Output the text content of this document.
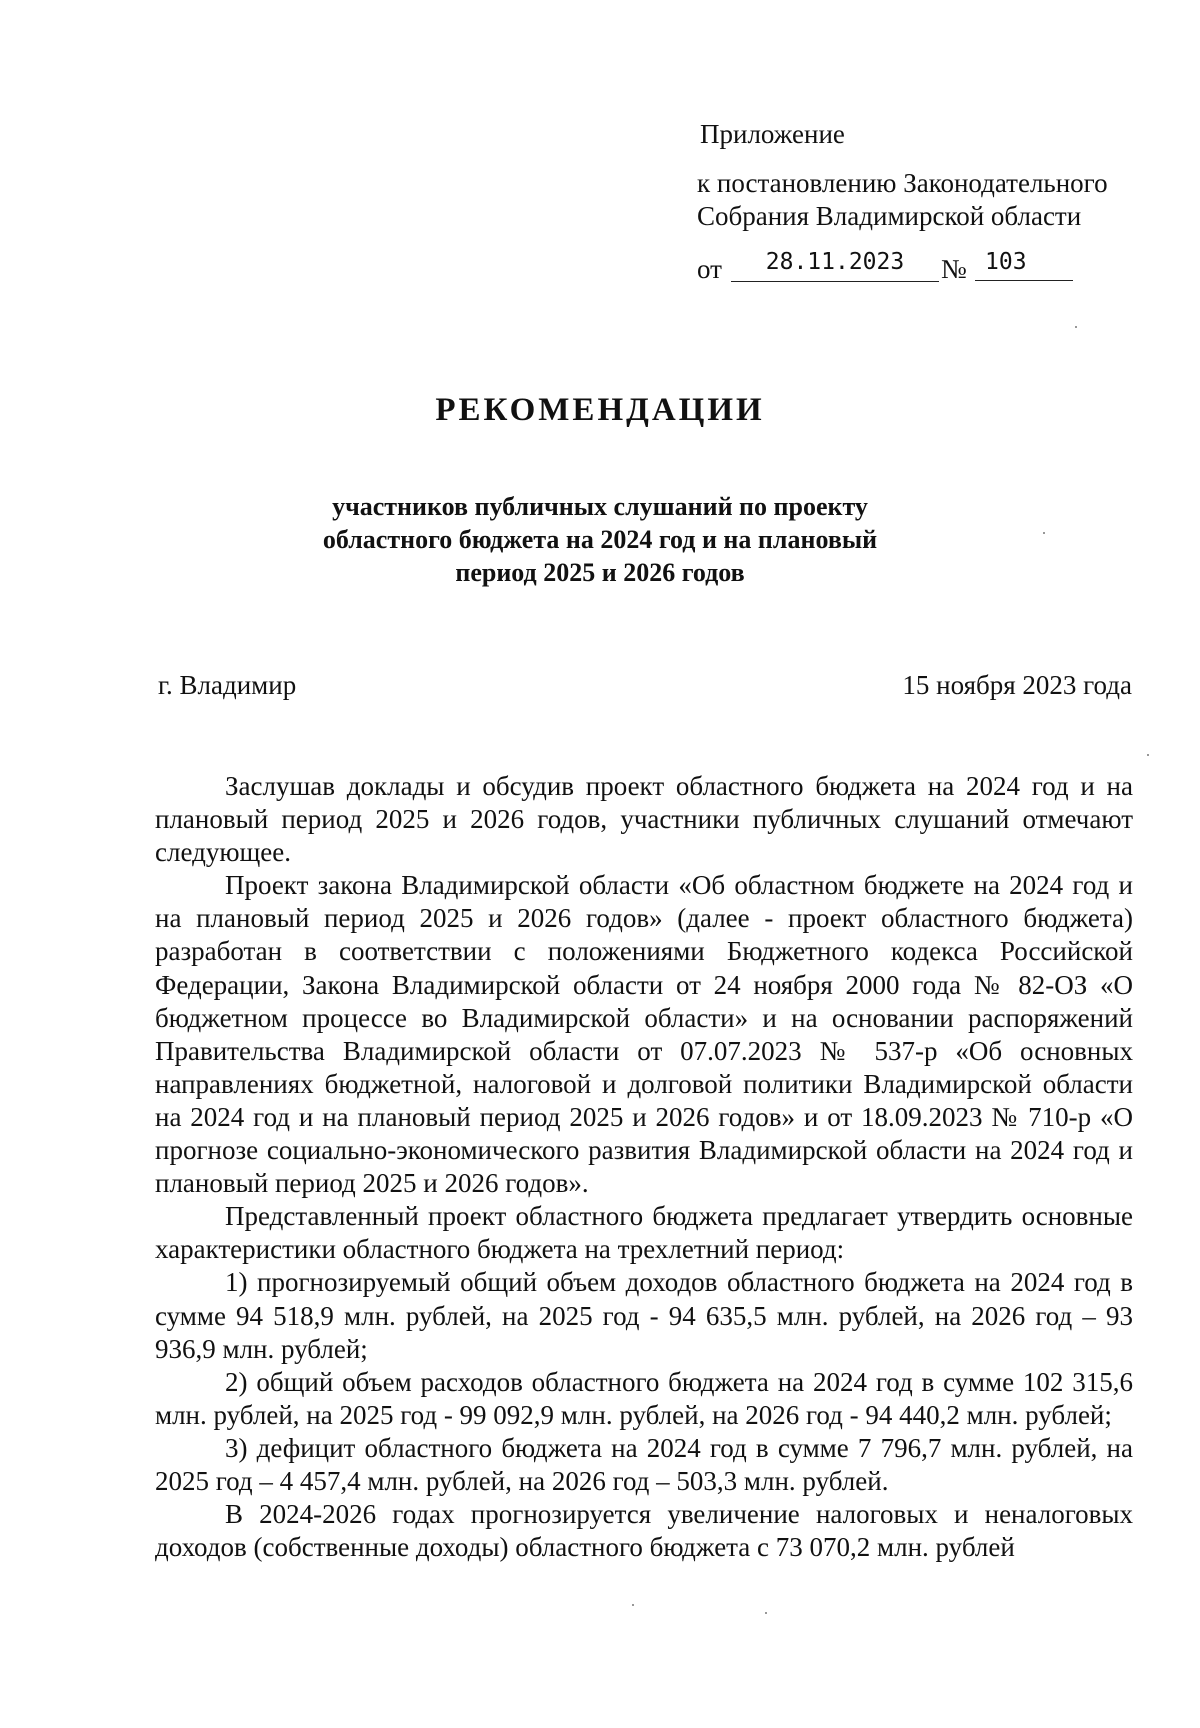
Приложение

к постановлению Законодательного

Собрания Владимирской области

от	28.11.2023	№ 103
РЕКОМЕНДАЦИИ

участников публичных слушаний по проекту областного бюджета на 2024 год и на плановый период 2025 и 2026 годов

г. Владимир	15 ноября 2023 года

Заслушав доклады и обсудив проект областного бюджета на 2024 год и на плановый период 2025 и 2026 годов, участники публичных слушаний отмечают следующее.

Проект закона Владимирской области «Об областном бюджете на 2024 год и на плановый период 2025 и 2026 годов» (далее - проект областного бюджета) разработан в соответствии с положениями Бюджетного кодекса Российской Федерации, Закона Владимирской области от 24 ноября 2000 года № 82-ОЗ «О бюджетном процессе во Владимирской области» и на основании распоряжений Правительства Владимирской области от 07.07.2023 № 537-р «Об основных направлениях бюджетной, налоговой и долговой политики Владимирской области на 2024 год и на плановый период 2025 и 2026 годов» и от 18.09.2023 № 710-р «О прогнозе социально-экономического развития Владимирской области на 2024 год и плановый период 2025 и 2026 годов».

Представленный проект областного бюджета предлагает утвердить основные характеристики областного бюджета на трехлетний период:

1) прогнозируемый общий объем доходов областного бюджета на 2024 год в сумме 94 518,9 млн. рублей, на 2025 год - 94 635,5 млн. рублей, на 2026 год – 93 936,9 млн. рублей;

2) общий объем расходов областного бюджета на 2024 год в сумме 102 315,6 млн. рублей, на 2025 год - 99 092,9 млн. рублей, на 2026 год - 94 440,2 млн. рублей;

3) дефицит областного бюджета на 2024 год в сумме 7 796,7 млн. рублей, на 2025 год – 4 457,4 млн. рублей, на 2026 год – 503,3 млн. рублей.

В 2024-2026 годах прогнозируется увеличение налоговых и неналоговых доходов (собственные доходы) областного бюджета с 73 070,2 млн. рублей
